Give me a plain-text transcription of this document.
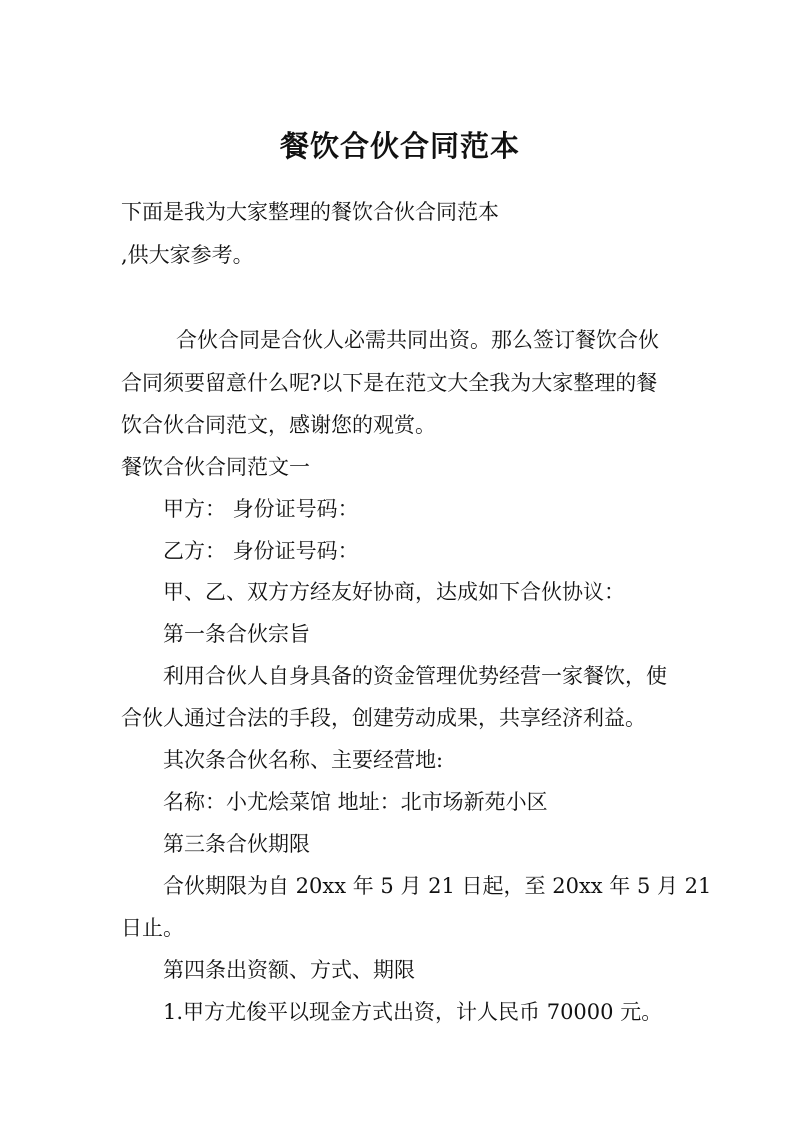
餐饮合伙合同范本
下面是我为大家整理的餐饮合伙合同范本
,供大家参考。
合伙合同是合伙人必需共同出资。那么签订餐饮合伙
合同须要留意什么呢?以下是在范文大全我为大家整理的餐
饮合伙合同范文，感谢您的观赏。
餐饮合伙合同范文一
甲方： 身份证号码：
乙方： 身份证号码：
甲、乙、双方方经友好协商，达成如下合伙协议：
第一条合伙宗旨
利用合伙人自身具备的资金管理优势经营一家餐饮，使
合伙人通过合法的手段，创建劳动成果，共享经济利益。
其次条合伙名称、主要经营地:
名称：小尤烩菜馆 地址：北市场新苑小区
第三条合伙期限
合伙期限为自 20xx 年 5 月 21 日起，至 20xx 年 5 月 21
日止。
第四条出资额、方式、期限
1.甲方尤俊平以现金方式出资，计人民币 70000 元。
